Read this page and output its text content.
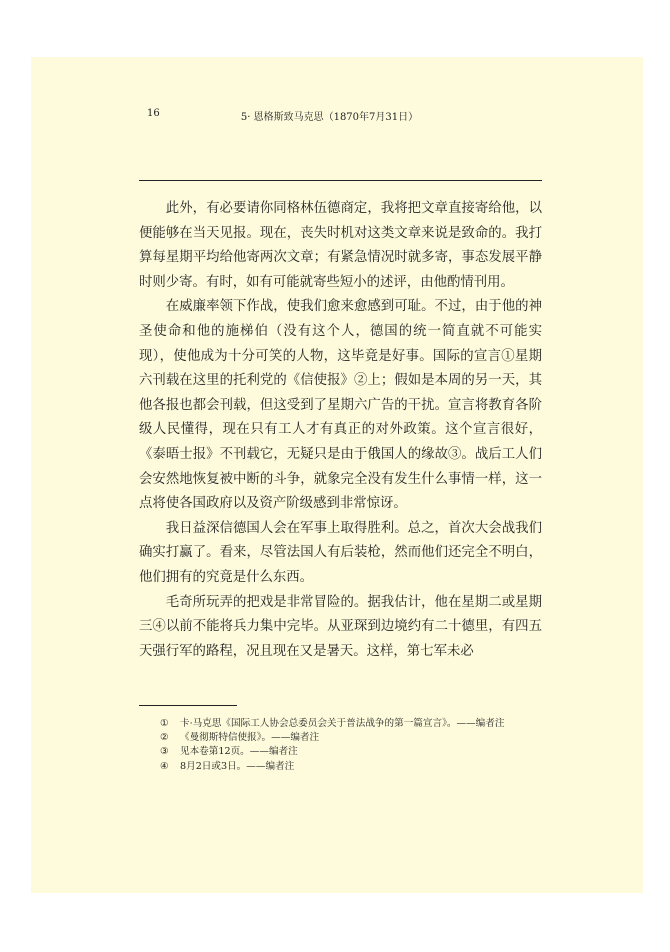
16	5· 恩格斯致马克思（1870年7月31日）

此外，有必要请你同格林伍德商定，我将把文章直接寄给他，以便能够在当天见报。现在，丧失时机对这类文章来说是致命的。我打算每星期平均给他寄两次文章；有紧急情况时就多寄，事态发展平静时则少寄。有时，如有可能就寄些短小的述评，由他酌情刊用。

在威廉率领下作战，使我们愈来愈感到可耻。不过，由于他的神圣使命和他的施梯伯（没有这个人，德国的统一简直就不可能实现），使他成为十分可笑的人物，这毕竟是好事。国际的宣言①星期六刊载在这里的托利党的《信使报》②上；假如是本周的另一天，其他各报也都会刊载，但这受到了星期六广告的干扰。宣言将教育各阶级人民懂得，现在只有工人才有真正的对外政策。这个宣言很好，《泰晤士报》不刊载它，无疑只是由于俄国人的缘故③。战后工人们会安然地恢复被中断的斗争，就象完全没有发生什么事情一样，这一点将使各国政府以及资产阶级感到非常惊讶。

我日益深信德国人会在军事上取得胜利。总之，首次大会战我们确实打赢了。看来，尽管法国人有后装枪，然而他们还完全不明白，他们拥有的究竟是什么东西。

毛奇所玩弄的把戏是非常冒险的。据我估计，他在星期二或星期三④以前不能将兵力集中完毕。从亚琛到边境约有二十德里，有四五天强行军的路程，况且现在又是暑天。这样，第七军未必

① 卡·马克思《国际工人协会总委员会关于普法战争的第一篇宣言》。——编者注
② 《曼彻斯特信使报》。——编者注
③ 见本卷第12页。——编者注
④ 8月2日或3日。——编者注
